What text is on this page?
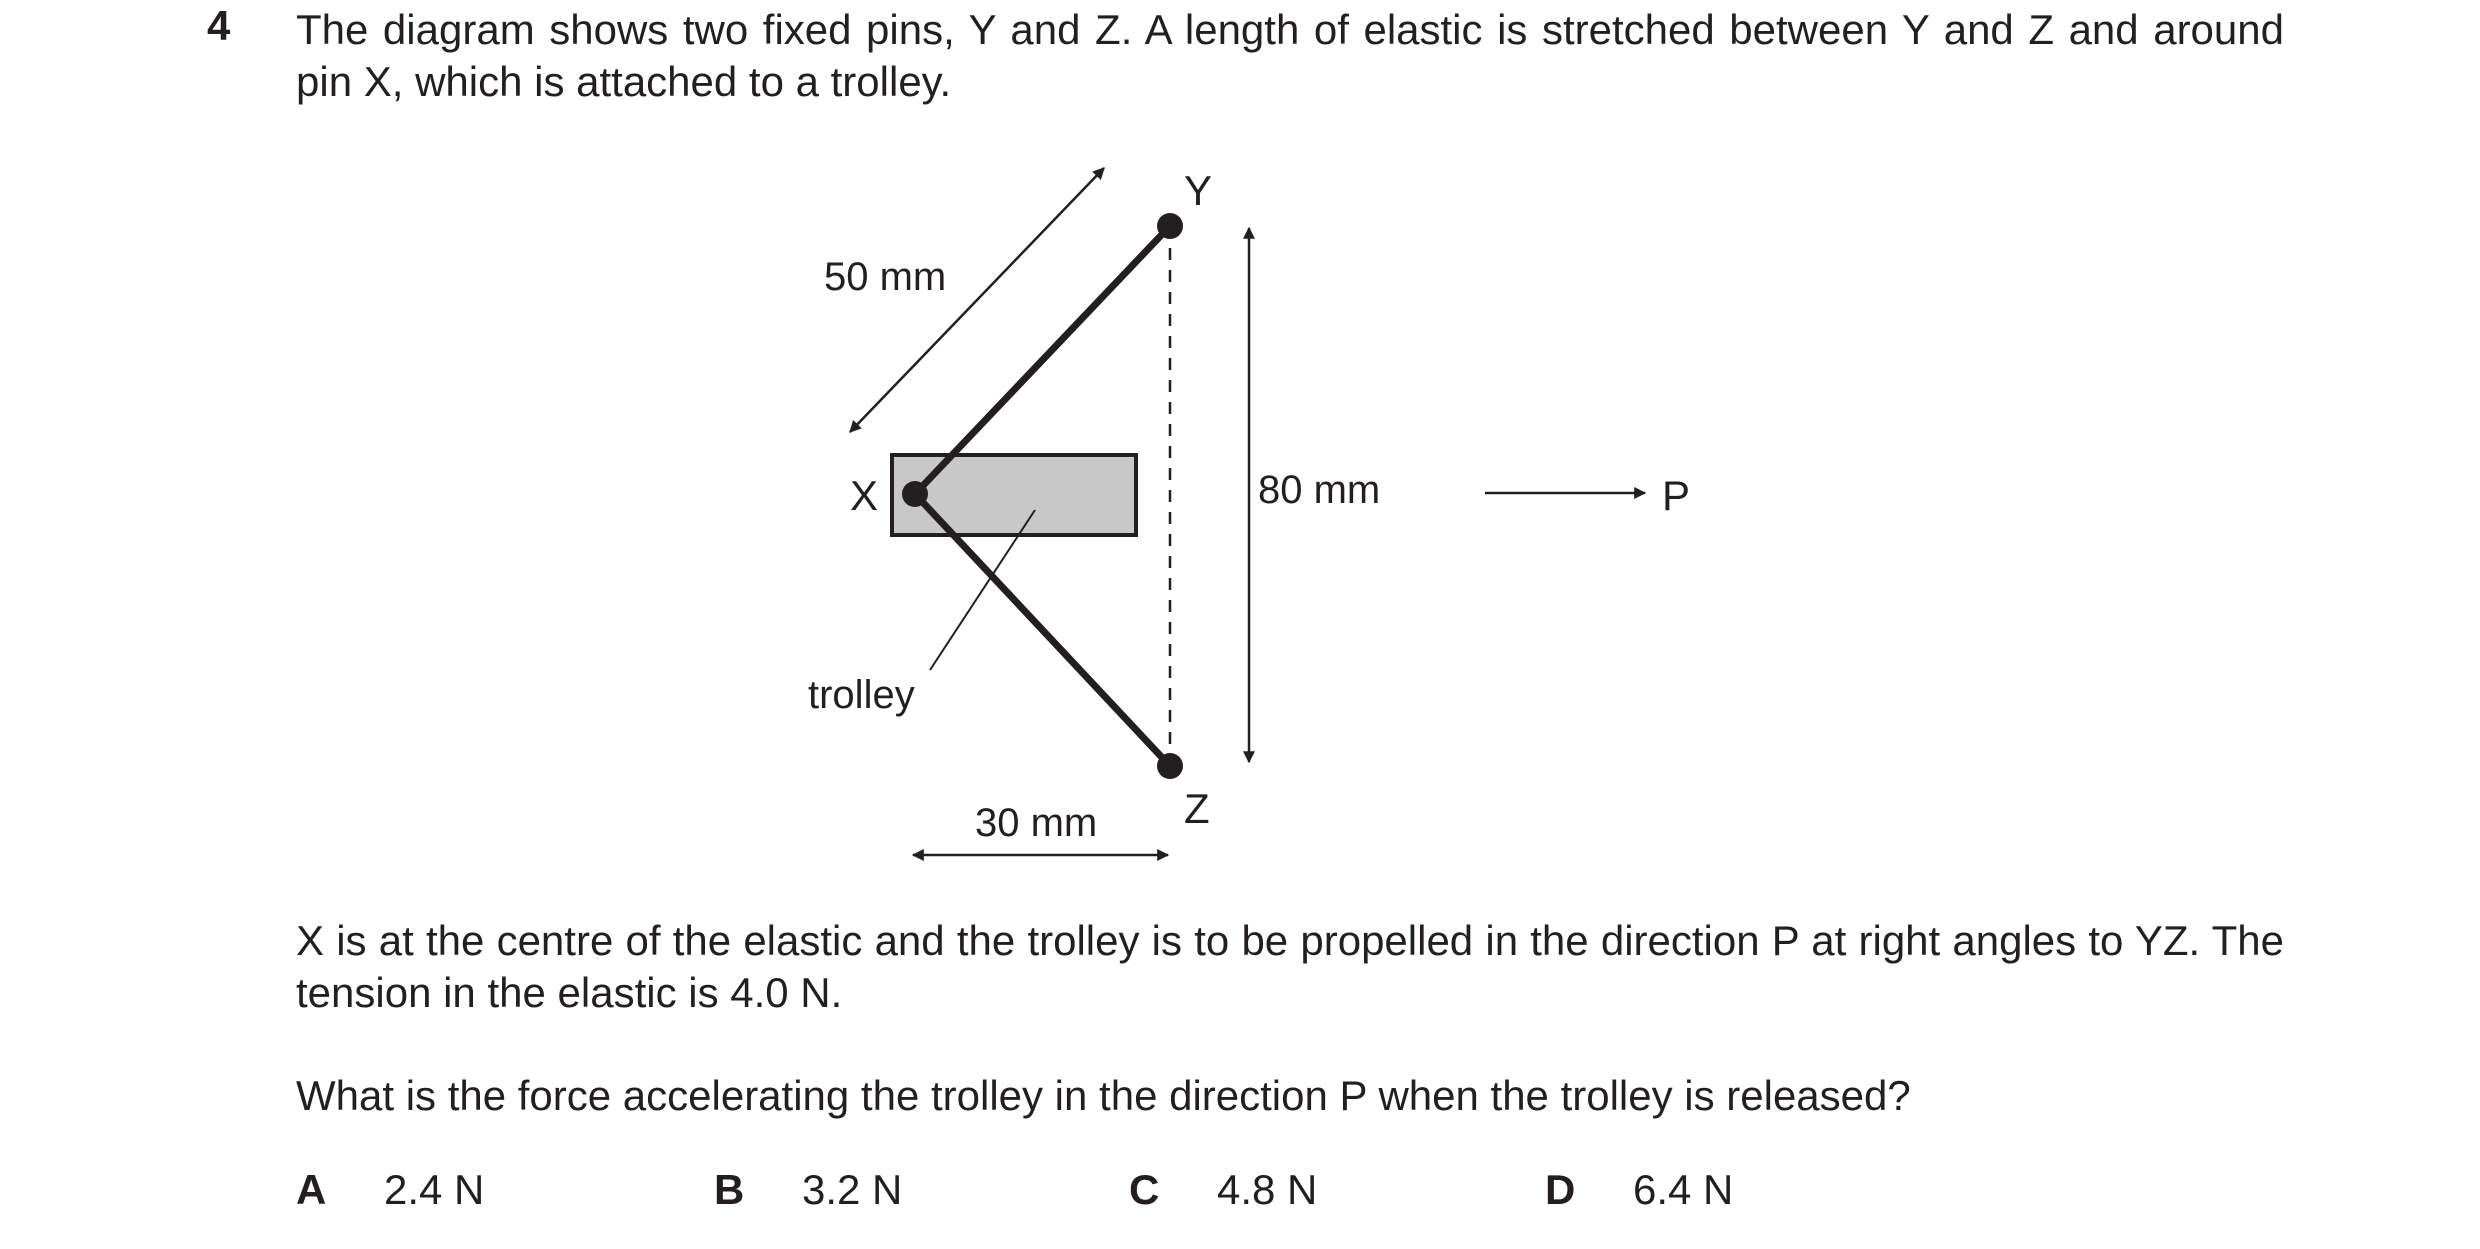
4 The diagram shows two fixed pins, Y and Z. A length of elastic is stretched between Y and Z and around pin X, which is attached to a trolley.
Y
Z
X	P
trolley
50 mm
80 mm
30 mm
X is at the centre of the elastic and the trolley is to be propelled in the direction P at right angles to YZ. The tension in the elastic is 4.0 N.
What is the force accelerating the trolley in the direction P when the trolley is released?
A 2.4 N	B 3.2 N	C 4.8 N	D 6.4 N
